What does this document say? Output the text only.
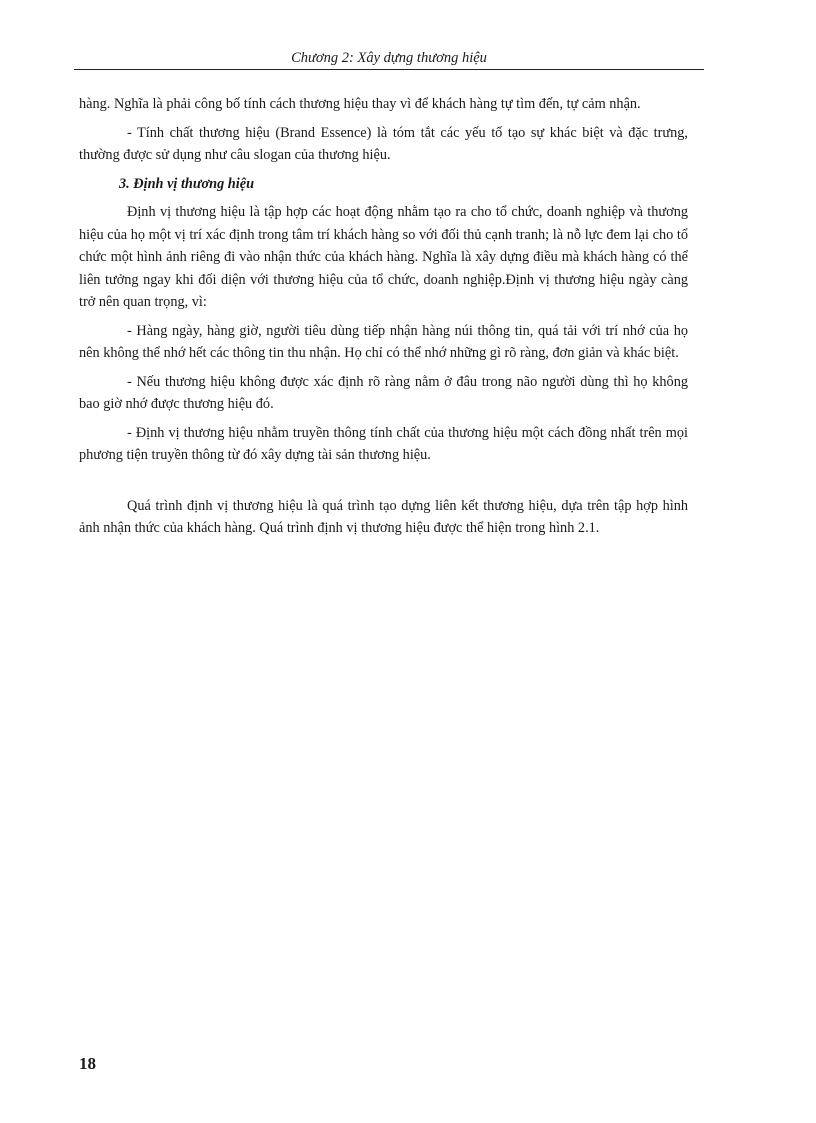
Chương 2: Xây dựng thương hiệu

hàng. Nghĩa là phải công bố tính cách thương hiệu thay vì để khách hàng tự tìm đến, tự cảm nhận.

- Tính chất thương hiệu (Brand Essence) là tóm tắt các yếu tố tạo sự khác biệt và đặc trưng, thường được sử dụng như câu slogan của thương hiệu.

3. Định vị thương hiệu

Định vị thương hiệu là tập hợp các hoạt động nhằm tạo ra cho tổ chức, doanh nghiệp và thương hiệu của họ một vị trí xác định trong tâm trí khách hàng so với đối thủ cạnh tranh; là nỗ lực đem lại cho tổ chức một hình ảnh riêng đi vào nhận thức của khách hàng. Nghĩa là xây dựng điều mà khách hàng có thể liên tưởng ngay khi đối diện với thương hiệu của tổ chức, doanh nghiệp.Định vị thương hiệu ngày càng trở nên quan trọng, vì:

- Hàng ngày, hàng giờ, người tiêu dùng tiếp nhận hàng núi thông tin, quá tải với trí nhớ của họ nên không thể nhớ hết các thông tin thu nhận. Họ chỉ có thể nhớ những gì rõ ràng, đơn giản và khác biệt.

- Nếu thương hiệu không được xác định rõ ràng nằm ở đâu trong não người dùng thì họ không bao giờ nhớ được thương hiệu đó.

- Định vị thương hiệu nhằm truyền thông tính chất của thương hiệu một cách đồng nhất trên mọi phương tiện truyền thông từ đó xây dựng tài sản thương hiệu.

Quá trình định vị thương hiệu là quá trình tạo dựng liên kết thương hiệu, dựa trên tập hợp hình ảnh nhận thức của khách hàng. Quá trình định vị thương hiệu được thể hiện trong hình 2.1.

18
